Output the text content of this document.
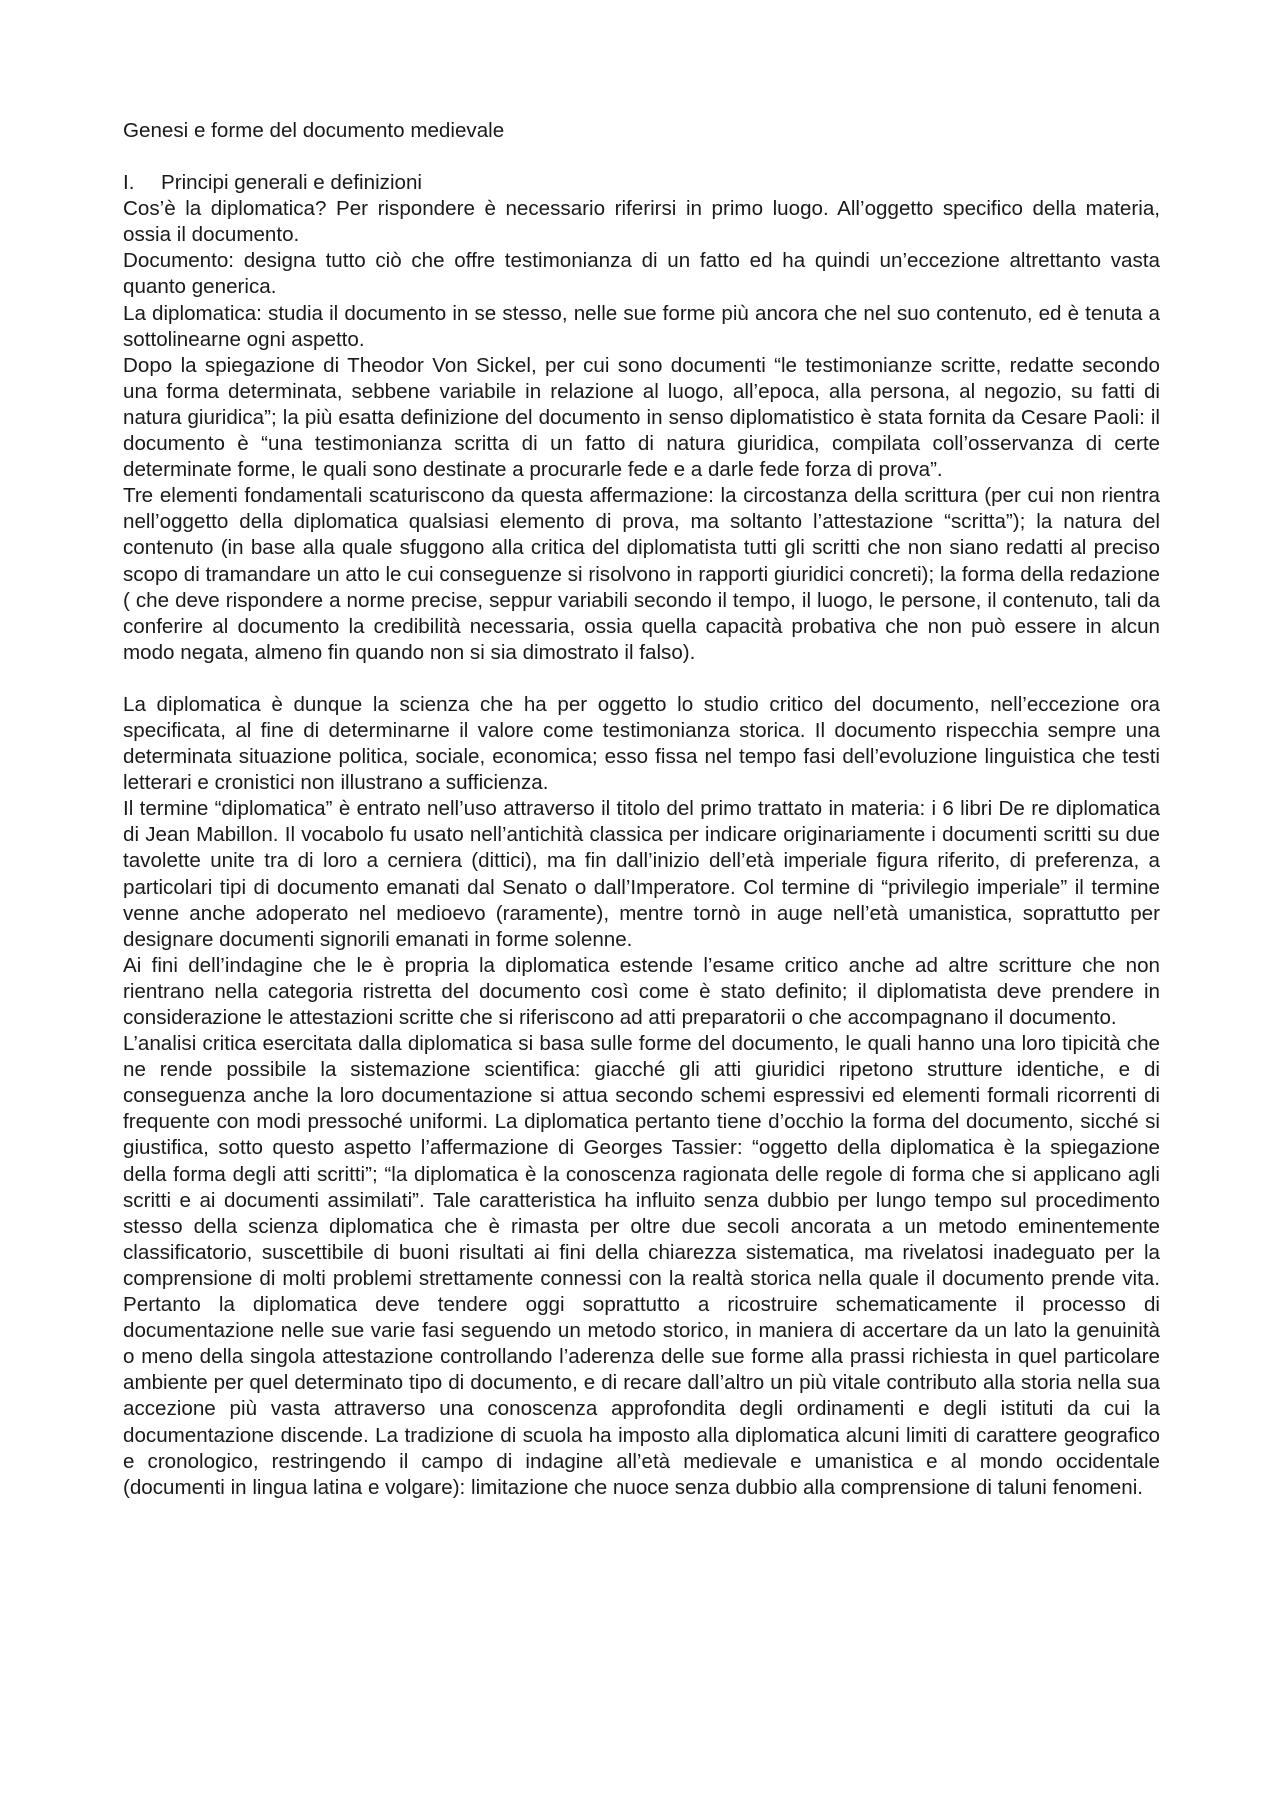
Genesi e forme del documento medievale
I.	Principi generali e definizioni

Cos’è la diplomatica? Per rispondere è necessario riferirsi in primo luogo. All’oggetto specifico della materia, ossia il documento.

Documento: designa tutto ciò che offre testimonianza di un fatto ed ha quindi un’eccezione altrettanto vasta quanto generica.

La diplomatica: studia il documento in se stesso, nelle sue forme più ancora che nel suo contenuto, ed è tenuta a sottolinearne ogni aspetto.

Dopo la spiegazione di Theodor Von Sickel, per cui sono documenti “le testimonianze scritte, redatte secondo una forma determinata, sebbene variabile in relazione al luogo, all’epoca, alla persona, al negozio, su fatti di natura giuridica”; la più esatta definizione del documento in senso diplomatistico è stata fornita da Cesare Paoli: il documento è “una testimonianza scritta di un fatto di natura giuridica, compilata coll’osservanza di certe determinate forme, le quali sono destinate a procurarle fede e a darle fede forza di prova”.

Tre elementi fondamentali scaturiscono da questa affermazione: la circostanza della scrittura (per cui non rientra nell’oggetto della diplomatica qualsiasi elemento di prova, ma soltanto l’attestazione “scritta”); la natura del contenuto (in base alla quale sfuggono alla critica del diplomatista tutti gli scritti che non siano redatti al preciso scopo di tramandare un atto le cui conseguenze si risolvono in rapporti giuridici concreti); la forma della redazione ( che deve rispondere a norme precise, seppur variabili secondo il tempo, il luogo, le persone, il contenuto, tali da conferire al documento la credibilità necessaria, ossia quella capacità probativa che non può essere in alcun modo negata, almeno fin quando non si sia dimostrato il falso).

La diplomatica è dunque la scienza che ha per oggetto lo studio critico del documento, nell’eccezione ora specificata, al fine di determinarne il valore come testimonianza storica. Il documento rispecchia sempre una determinata situazione politica, sociale, economica; esso fissa nel tempo fasi dell’evoluzione linguistica che testi letterari e cronistici non illustrano a sufficienza.

Il termine “diplomatica” è entrato nell’uso attraverso il titolo del primo trattato in materia: i 6 libri De re diplomatica di Jean Mabillon. Il vocabolo fu usato nell’antichità classica per indicare originariamente i documenti scritti su due tavolette unite tra di loro a cerniera (dittici), ma fin dall’inizio dell’età imperiale figura riferito, di preferenza, a particolari tipi di documento emanati dal Senato o dall’Imperatore. Col termine di “privilegio imperiale” il termine venne anche adoperato nel medioevo (raramente), mentre tornò in auge nell’età umanistica, soprattutto per designare documenti signorili emanati in forme solenne.

Ai fini dell’indagine che le è propria la diplomatica estende l’esame critico anche ad altre scritture che non rientrano nella categoria ristretta del documento così come è stato definito; il diplomatista deve prendere in considerazione le attestazioni scritte che si riferiscono ad atti preparatorii o che accompagnano il documento.

L’analisi critica esercitata dalla diplomatica si basa sulle forme del documento, le quali hanno una loro tipicità che ne rende possibile la sistemazione scientifica: giacché gli atti giuridici ripetono strutture identiche, e di conseguenza anche la loro documentazione si attua secondo schemi espressivi ed elementi formali ricorrenti di frequente con modi pressoché uniformi. La diplomatica pertanto tiene d’occhio la forma del documento, sicché si giustifica, sotto questo aspetto l’affermazione di Georges Tassier: “oggetto della diplomatica è la spiegazione della forma degli atti scritti”; “la diplomatica è la conoscenza ragionata delle regole di forma che si applicano agli scritti e ai documenti assimilati”. Tale caratteristica ha influito senza dubbio per lungo tempo sul procedimento stesso della scienza diplomatica che è rimasta per oltre due secoli ancorata a un metodo eminentemente classificatorio, suscettibile di buoni risultati ai fini della chiarezza sistematica, ma rivelatosi inadeguato per la comprensione di molti problemi strettamente connessi con la realtà storica nella quale il documento prende vita. Pertanto la diplomatica deve tendere oggi soprattutto a ricostruire schematicamente il processo di documentazione nelle sue varie fasi seguendo un metodo storico, in maniera di accertare da un lato la genuinità o meno della singola attestazione controllando l’aderenza delle sue forme alla prassi richiesta in quel particolare ambiente per quel determinato tipo di documento, e di recare dall’altro un più vitale contributo alla storia nella sua accezione più vasta attraverso una conoscenza approfondita degli ordinamenti e degli istituti da cui la documentazione discende. La tradizione di scuola ha imposto alla diplomatica alcuni limiti di carattere geografico e cronologico, restringendo il campo di indagine all’età medievale e umanistica e al mondo occidentale (documenti in lingua latina e volgare): limitazione che nuoce senza dubbio alla comprensione di taluni fenomeni.
